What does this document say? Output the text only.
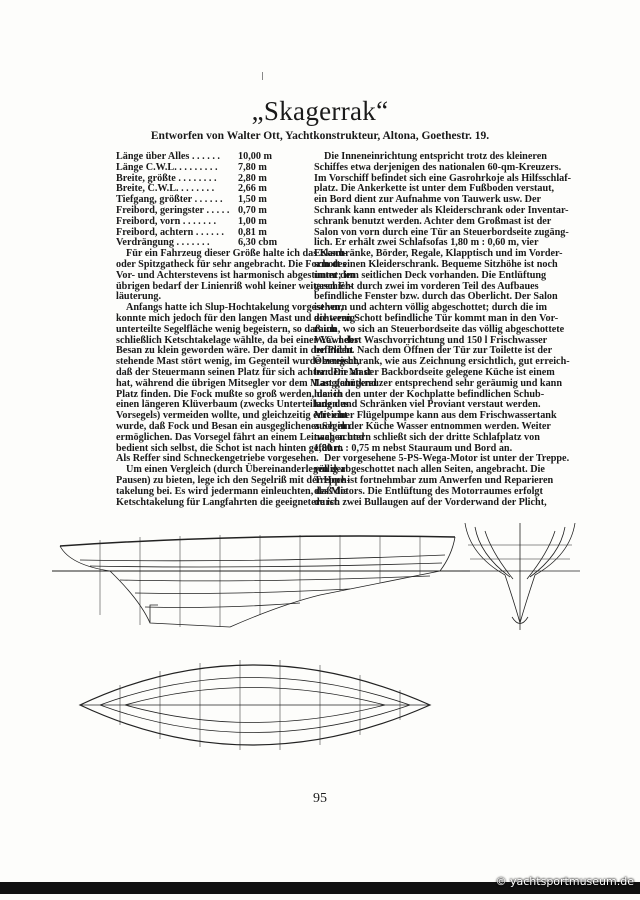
„Skagerrak“
Entworfen von Walter Ott, Yachtkonstrukteur, Altona, Goethestr. 19.
Länge über Alles . . . . . .	10,00 m
Länge C.W.L. . . . . . . . .	7,80 m
Breite, größte . . . . . . . .	2,80 m
Breite, C.W.L. . . . . . . .	2,66 m
Tiefgang, größter . . . . . .	1,50 m
Freibord, geringster . . . . . 0,70 m
Freibord, vorn . . . . . . .	1,00 m
Freibord, achtern . . . . . .	0,81 m
Verdrängung . . . . . . .	6,30 cbm
Für ein Fahrzeug dieser Größe halte ich das Kanu-
oder Spitzgatheck für sehr angebracht. Die Form des
Vor- und Achterstevens ist harmonisch abgestimmt; im
übrigen bedarf der Linienriß wohl keiner weiteren Er-
läuterung.
Anfangs hatte ich Slup-Hochtakelung vorgesehen,
konnte mich jedoch für den langen Mast und die wenig
unterteilte Segelfläche wenig begeistern, so daß ich
schließlich Ketschtakelage wählte, da bei einer Yawl der
Besan zu klein geworden wäre. Der damit in der Plicht
stehende Mast stört wenig, im Gegenteil wurde erreicht,
daß der Steuermann seinen Platz für sich achter dem Mast
hat, während die übrigen Mitsegler vor dem Mast genügend
Platz finden. Die Fock mußte so groß werden, da ich
einen längeren Klüverbaum (zwecks Unterteilung des
Vorsegels) vermeiden wollte, und gleichzeitig erreicht
wurde, daß Fock und Besan ein ausgeglichenes Segeln
ermöglichen. Das Vorsegel fährt an einem Leitwagen und
bedient sich selbst, die Schot ist nach hinten geführt.
Als Reffer sind Schneckengetriebe vorgesehen.
Um einen Vergleich (durch Übereinanderlegen der
Pausen) zu bieten, lege ich den Segelriß mit der Hoch-
takelung bei. Es wird jedermann einleuchten, daß die
Ketschtakelung für Langfahrten die geeignetere ist.
Die Inneneinrichtung entspricht trotz des kleineren
Schiffes etwa derjenigen des nationalen 60-qm-Kreuzers.
Im Vorschiff befindet sich eine Gasrohrkoje als Hilfsschlaf-
platz. Die Ankerkette ist unter dem Fußboden verstaut,
ein Bord dient zur Aufnahme von Tauwerk usw. Der
Schrank kann entweder als Kleiderschrank oder Inventar-
schrank benutzt werden. Achter dem Großmast ist der
Salon von vorn durch eine Tür an Steuerbordseite zugäng-
lich. Er erhält zwei Schlafsofas 1,80 m : 0,60 m, vier
Eckschränke, Börder, Regale, Klapptisch und im Vorder-
schott einen Kleiderschrank. Bequeme Sitzhöhe ist noch
unter dem seitlichen Deck vorhanden. Die Entlüftung
geschieht durch zwei im vorderen Teil des Aufbaues
befindliche Fenster bzw. durch das Oberlicht. Der Salon
ist vorn und achtern völlig abgeschottet; durch die im
achteren Schott befindliche Tür kommt man in den Vor-
raum, wo sich an Steuerbordseite das völlig abgeschottete
W.C. nebst Waschvorrichtung und 150 l Frischwasser
befinden. Nach dem Öffnen der Tür zur Toilette ist der
Ölzeugschrank, wie aus Zeichnung ersichtlich, gut erreich-
bar. Die an der Backbordseite gelegene Küche ist einem
Langfahrtkreuzer entsprechend sehr geräumig und kann
hier in den unter der Kochplatte befindlichen Schub-
laden und Schränken viel Proviant verstaut werden.
Mit einer Flügelpumpe kann aus dem Frischwassertank
auch in der Küche Wasser entnommen werden. Weiter
nach achtern schließt sich der dritte Schlafplatz von
1,80 m : 0,75 m nebst Stauraum und Bord an.
Der vorgesehene 5-PS-Wega-Motor ist unter der Treppe.
völlig abgeschottet nach allen Seiten, angebracht. Die
Treppe ist fortnehmbar zum Anwerfen und Reparieren
des Motors. Die Entlüftung des Motorraumes erfolgt
durch zwei Bullaugen auf der Vorderwand der Plicht,
95
© yachtsportmuseum.de
